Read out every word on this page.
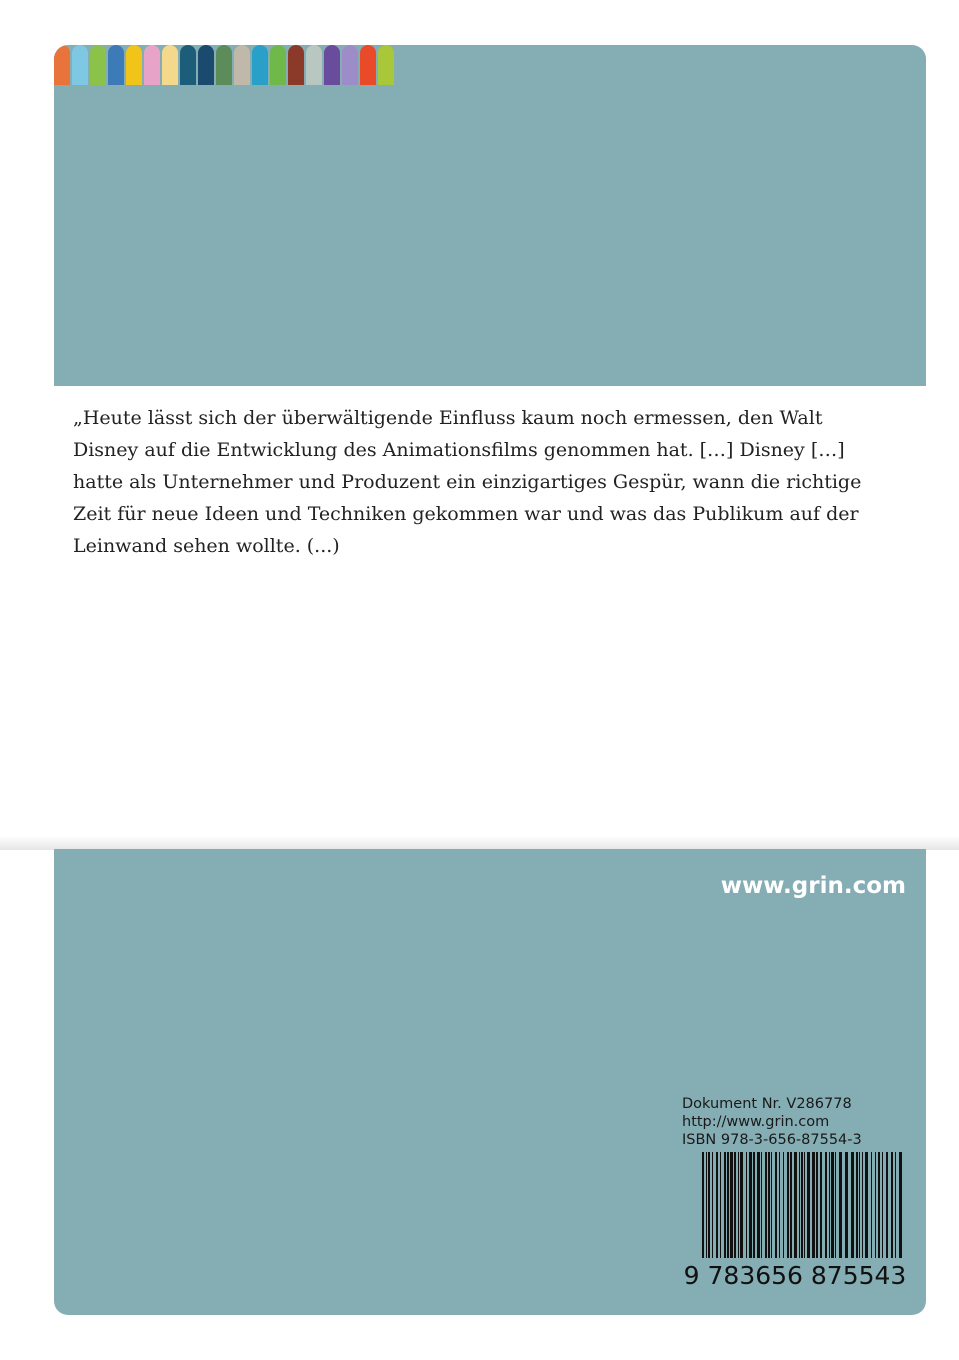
„Heute lässt sich der überwältigende Einfluss kaum noch ermessen, den Walt Disney auf die Entwicklung des Animationsfilms genommen hat. […] Disney […] hatte als Unternehmer und Produzent ein einzigartiges Gespür, wann die richtige Zeit für neue Ideen und Techniken gekommen war und was das Publikum auf der Leinwand sehen wollte. (...)

www.grin.com
Dokument Nr. V286778
http://www.grin.com
ISBN 978-3-656-87554-3
9 783656 875543
